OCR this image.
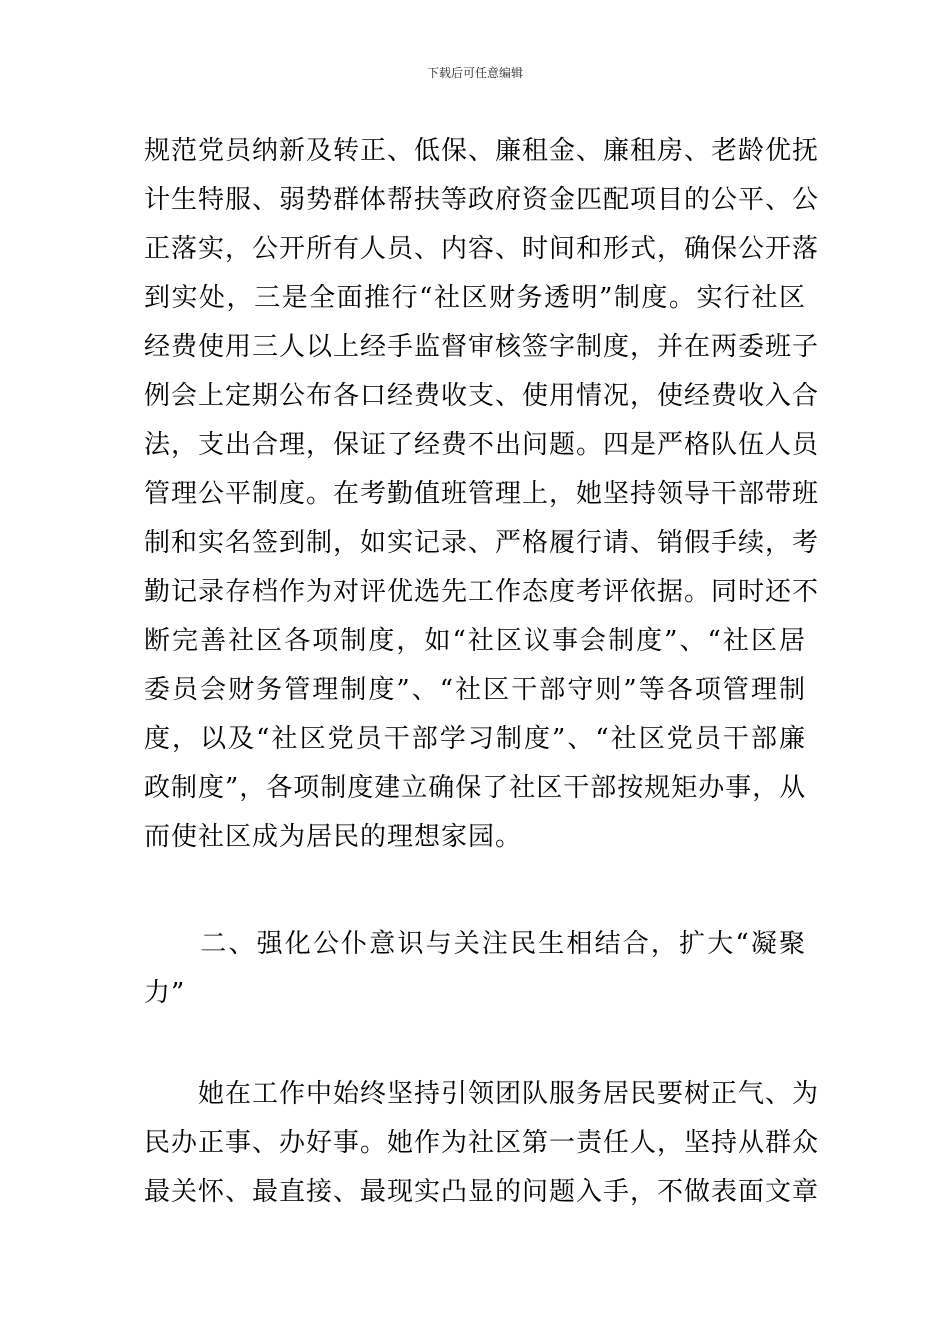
下载后可任意编辑
规范党员纳新及转正、低保、廉租金、廉租房、老龄优抚
计生特服、弱势群体帮扶等政府资金匹配项目的公平、公
正落实，公开所有人员、内容、时间和形式，确保公开落
到实处，三是全面推行“社区财务透明”制度。实行社区
经费使用三人以上经手监督审核签字制度，并在两委班子
例会上定期公布各口经费收支、使用情况，使经费收入合
法，支出合理，保证了经费不出问题。四是严格队伍人员
管理公平制度。在考勤值班管理上，她坚持领导干部带班
制和实名签到制，如实记录、严格履行请、销假手续，考
勤记录存档作为对评优选先工作态度考评依据。同时还不
断完善社区各项制度，如“社区议事会制度”、“社区居
委员会财务管理制度”、“社区干部守则”等各项管理制
度，以及“社区党员干部学习制度”、“社区党员干部廉
政制度”，各项制度建立确保了社区干部按规矩办事，从
而使社区成为居民的理想家园。
　　二、强化公仆意识与关注民生相结合，扩大“凝聚
力”
　　她在工作中始终坚持引领团队服务居民要树正气、为
民办正事、办好事。她作为社区第一责任人，坚持从群众
最关怀、最直接、最现实凸显的问题入手，不做表面文章
